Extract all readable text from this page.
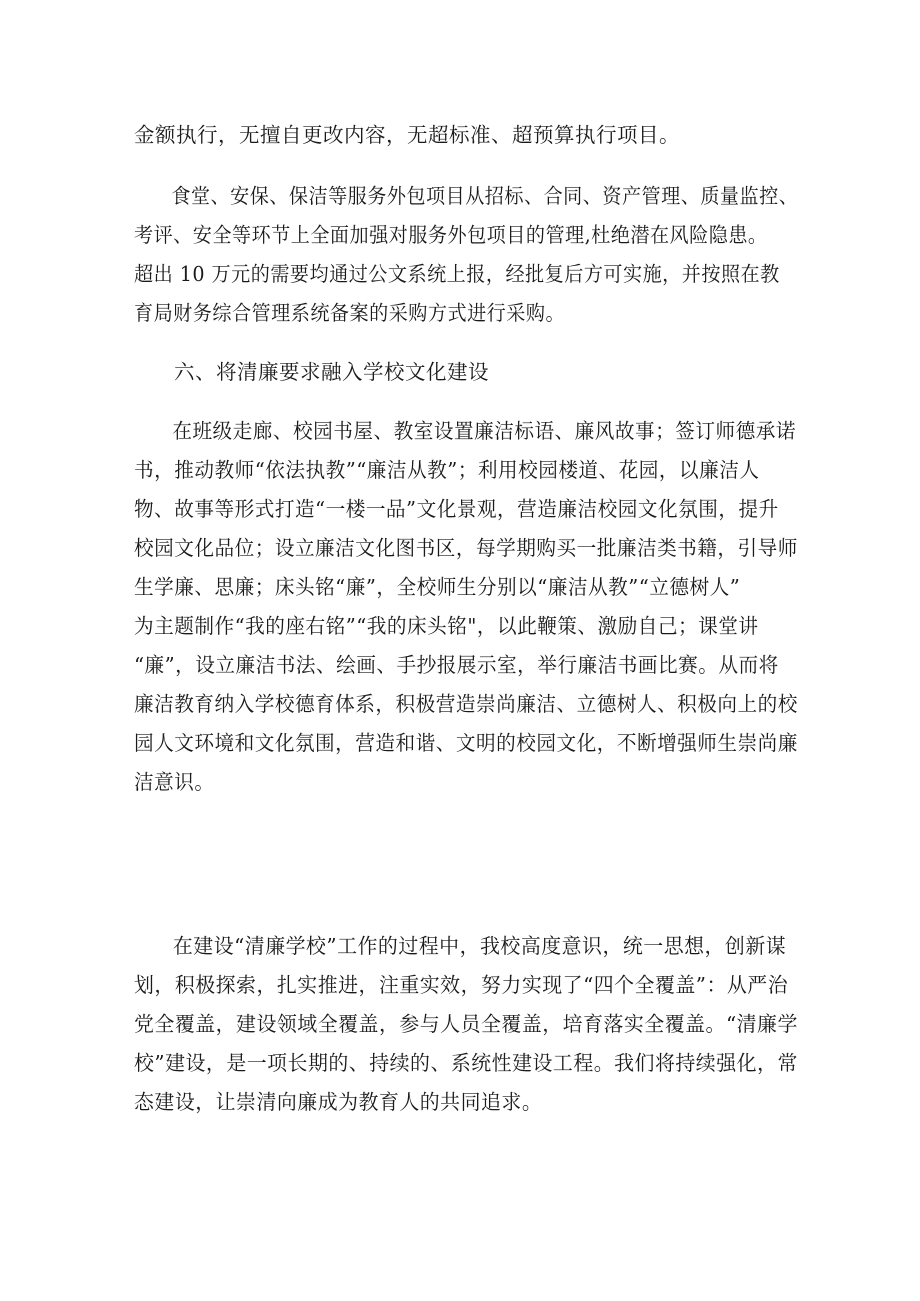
金额执行，无擅自更改内容，无超标准、超预算执行项目。
食堂、安保、保洁等服务外包项目从招标、合同、资产管理、质量监控、
考评、安全等环节上全面加强对服务外包项目的管理,杜绝潜在风险隐患。
超出 10 万元的需要均通过公文系统上报，经批复后方可实施，并按照在教
育局财务综合管理系统备案的采购方式进行采购。

六、将清廉要求融入学校文化建设

在班级走廊、校园书屋、教室设置廉洁标语、廉风故事；签订师德承诺
书，推动教师“依法执教”“廉洁从教”；利用校园楼道、花园，以廉洁人
物、故事等形式打造“一楼一品”文化景观，营造廉洁校园文化氛围，提升
校园文化品位；设立廉洁文化图书区，每学期购买一批廉洁类书籍，引导师
生学廉、思廉；床头铭“廉”，全校师生分别以“廉洁从教”“立德树人”
为主题制作“我的座右铭”“我的床头铭"，以此鞭策、激励自己；课堂讲
“廉”，设立廉洁书法、绘画、手抄报展示室，举行廉洁书画比赛。从而将
廉洁教育纳入学校德育体系，积极营造崇尚廉洁、立德树人、积极向上的校
园人文环境和文化氛围，营造和谐、文明的校园文化，不断增强师生崇尚廉
洁意识。
在建设“清廉学校”工作的过程中，我校高度意识，统一思想，创新谋
划，积极探索，扎实推进，注重实效，努力实现了“四个全覆盖”：从严治
党全覆盖，建设领域全覆盖，参与人员全覆盖，培育落实全覆盖。“清廉学
校”建设，是一项长期的、持续的、系统性建设工程。我们将持续强化，常
态建设，让崇清向廉成为教育人的共同追求。
